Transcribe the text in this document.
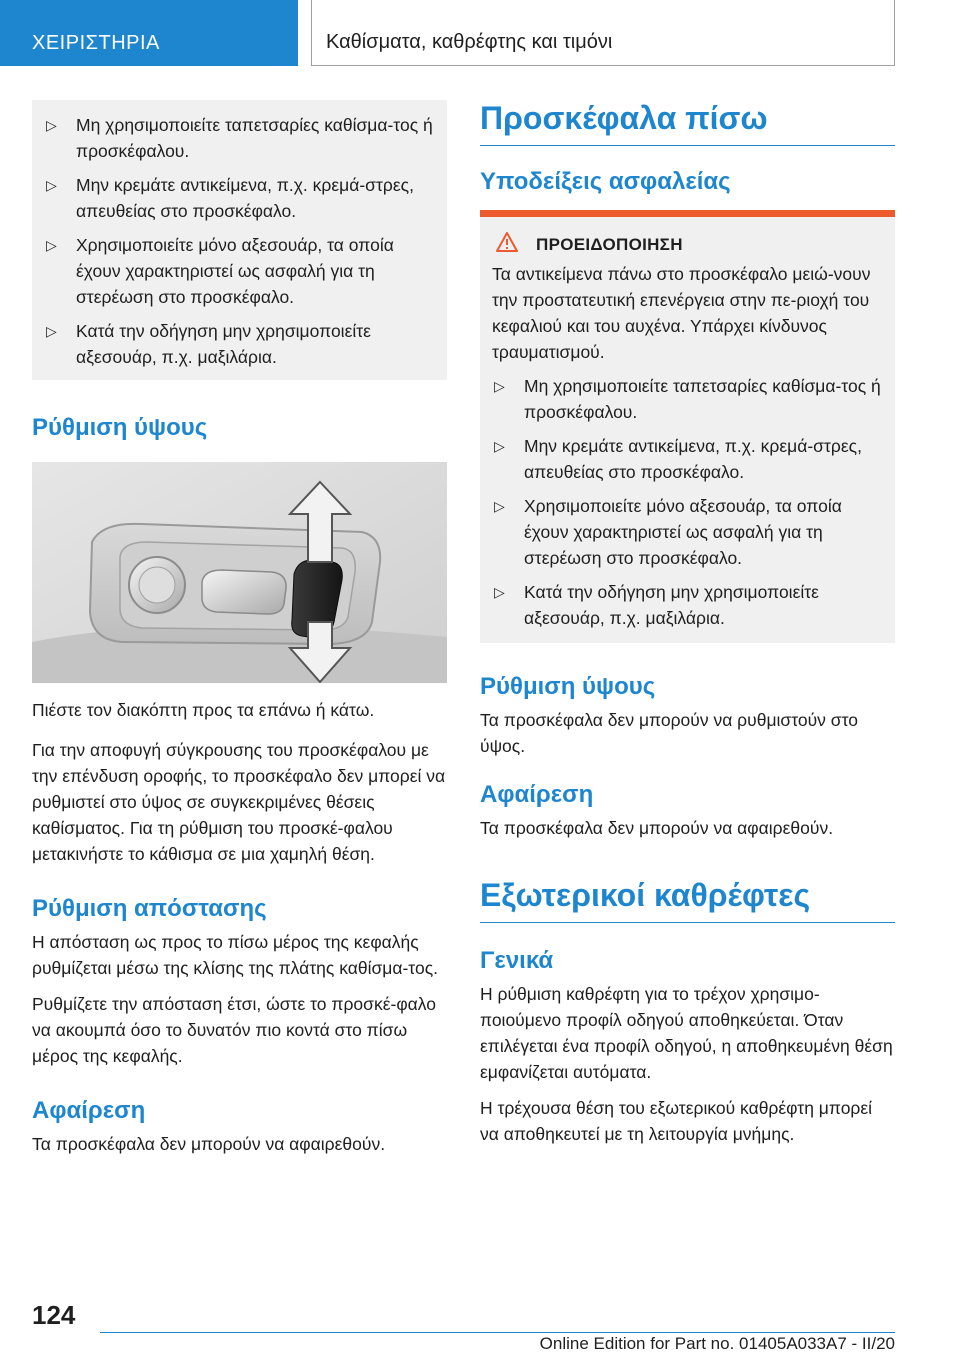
ΧΕΙΡΙΣΤΗΡΙΑ	Καθίσματα, καθρέφτης και τιμόνι
▷ Μη χρησιμοποιείτε ταπετσαρίες καθίσμα-τος ή προσκέφαλου.
▷ Μην κρεμάτε αντικείμενα, π.χ. κρεμά-στρες, απευθείας στο προσκέφαλο.
▷ Χρησιμοποιείτε μόνο αξεσουάρ, τα οποία έχουν χαρακτηριστεί ως ασφαλή για τη στερέωση στο προσκέφαλο.
▷ Κατά την οδήγηση μην χρησιμοποιείτε αξεσουάρ, π.χ. μαξιλάρια.
Ρύθμιση ύψους
Πιέστε τον διακόπτη προς τα επάνω ή κάτω.
Για την αποφυγή σύγκρουσης του προσκέφαλου με την επένδυση οροφής, το προσκέφαλο δεν μπορεί να ρυθμιστεί στο ύψος σε συγκεκριμένες θέσεις καθίσματος. Για τη ρύθμιση του προσκέ-φαλου μετακινήστε το κάθισμα σε μια χαμηλή θέση.
Ρύθμιση απόστασης
Η απόσταση ως προς το πίσω μέρος της κεφαλής ρυθμίζεται μέσω της κλίσης της πλάτης καθίσμα-τος.
Ρυθμίζετε την απόσταση έτσι, ώστε το προσκέ-φαλο να ακουμπά όσο το δυνατόν πιο κοντά στο πίσω μέρος της κεφαλής.
Αφαίρεση
Τα προσκέφαλα δεν μπορούν να αφαιρεθούν.
Προσκέφαλα πίσω
Υποδείξεις ασφαλείας
ΠΡΟΕΙΔΟΠΟΙΗΣΗ
Τα αντικείμενα πάνω στο προσκέφαλο μειώ-νουν την προστατευτική επενέργεια στην πε-ριοχή του κεφαλιού και του αυχένα. Υπάρχει κίνδυνος τραυματισμού.
▷ Μη χρησιμοποιείτε ταπετσαρίες καθίσμα-τος ή προσκέφαλου.
▷ Μην κρεμάτε αντικείμενα, π.χ. κρεμά-στρες, απευθείας στο προσκέφαλο.
▷ Χρησιμοποιείτε μόνο αξεσουάρ, τα οποία έχουν χαρακτηριστεί ως ασφαλή για τη στερέωση στο προσκέφαλο.
▷ Κατά την οδήγηση μην χρησιμοποιείτε αξεσουάρ, π.χ. μαξιλάρια.
Ρύθμιση ύψους
Τα προσκέφαλα δεν μπορούν να ρυθμιστούν στο ύψος.
Αφαίρεση
Τα προσκέφαλα δεν μπορούν να αφαιρεθούν.
Εξωτερικοί καθρέφτες
Γενικά
Η ρύθμιση καθρέφτη για το τρέχον χρησιμο-ποιούμενο προφίλ οδηγού αποθηκεύεται. Όταν επιλέγεται ένα προφίλ οδηγού, η αποθηκευμένη θέση εμφανίζεται αυτόματα.
Η τρέχουσα θέση του εξωτερικού καθρέφτη μπορεί να αποθηκευτεί με τη λειτουργία μνήμης.
124
Online Edition for Part no. 01405A033A7 - II/20
